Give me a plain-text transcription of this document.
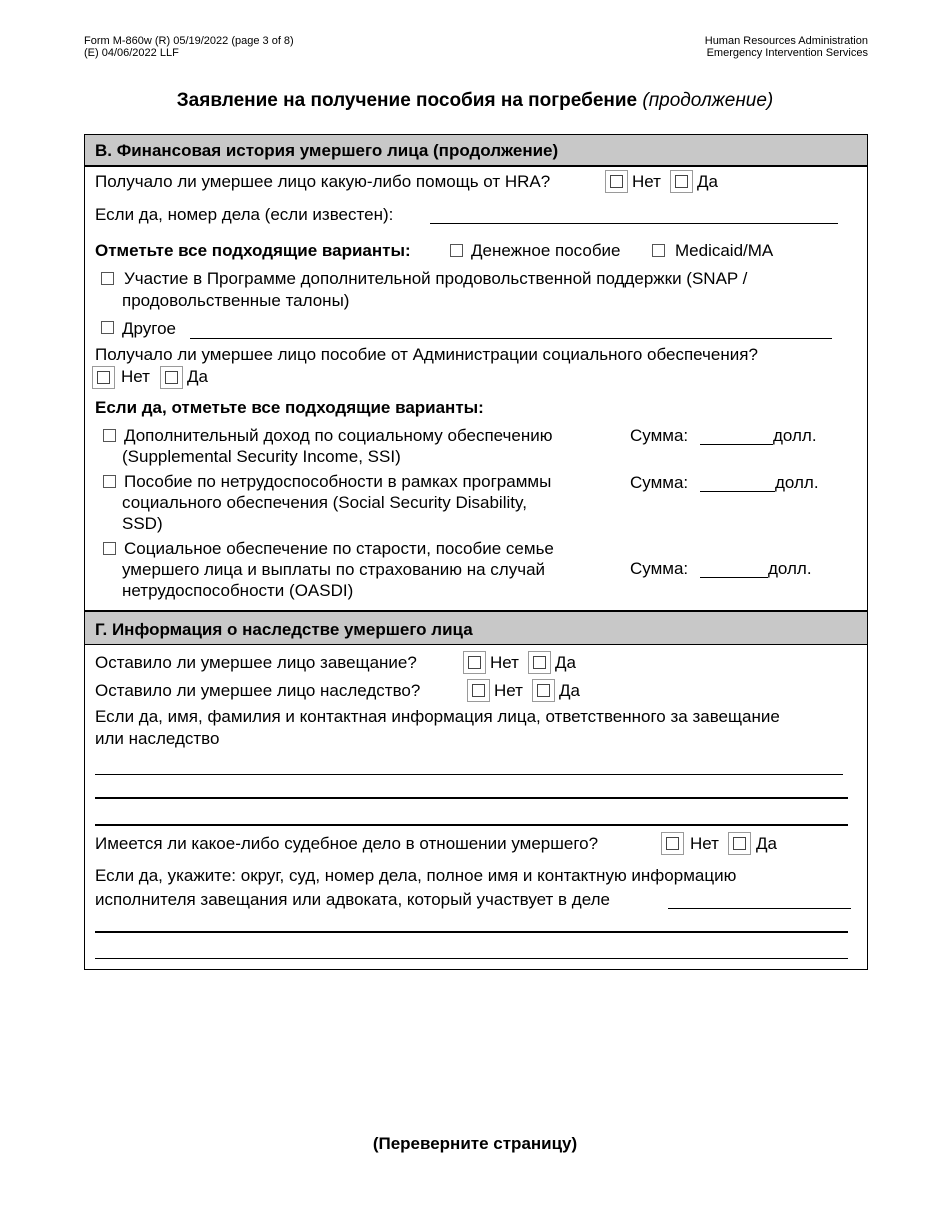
Form M-860w (R) 05/19/2022 (page 3 of 8)
(E) 04/06/2022 LLF
Human Resources Administration
Emergency Intervention Services
Заявление на получение пособия на погребение (продолжение)
В. Финансовая история умершего лица (продолжение)
Получало ли умершее лицо какую-либо помощь от HRA?	Нет Да
Если да, номер дела (если известен):
Отметьте все подходящие варианты:	Денежное пособие	Medicaid/MA
Участие в Программе дополнительной продовольственной поддержки (SNAP /
продовольственные талоны)
Другое
Получало ли умершее лицо пособие от Администрации социального обеспечения?
Нет Да
Если да, отметьте все подходящие варианты:
Дополнительный доход по социальному обеспечению
(Supplemental Security Income, SSI)
Сумма:	долл.
Пособие по нетрудоспособности в рамках программы
социального обеспечения (Social Security Disability,
SSD)
Сумма:	долл.
Социальное обеспечение по старости, пособие семье
умершего лица и выплаты по страхованию на случай
нетрудоспособности (OASDI)
Сумма:	долл.
Г. Информация о наследстве умершего лица
Оставило ли умершее лицо завещание?	Нет Да
Оставило ли умершее лицо наследство?	Нет Да
Если да, имя, фамилия и контактная информация лица, ответственного за завещание
или наследство
Имеется ли какое-либо судебное дело в отношении умершего?	Нет Да
Если да, укажите: округ, суд, номер дела, полное имя и контактную информацию
исполнителя завещания или адвоката, который участвует в деле
(Переверните страницу)
